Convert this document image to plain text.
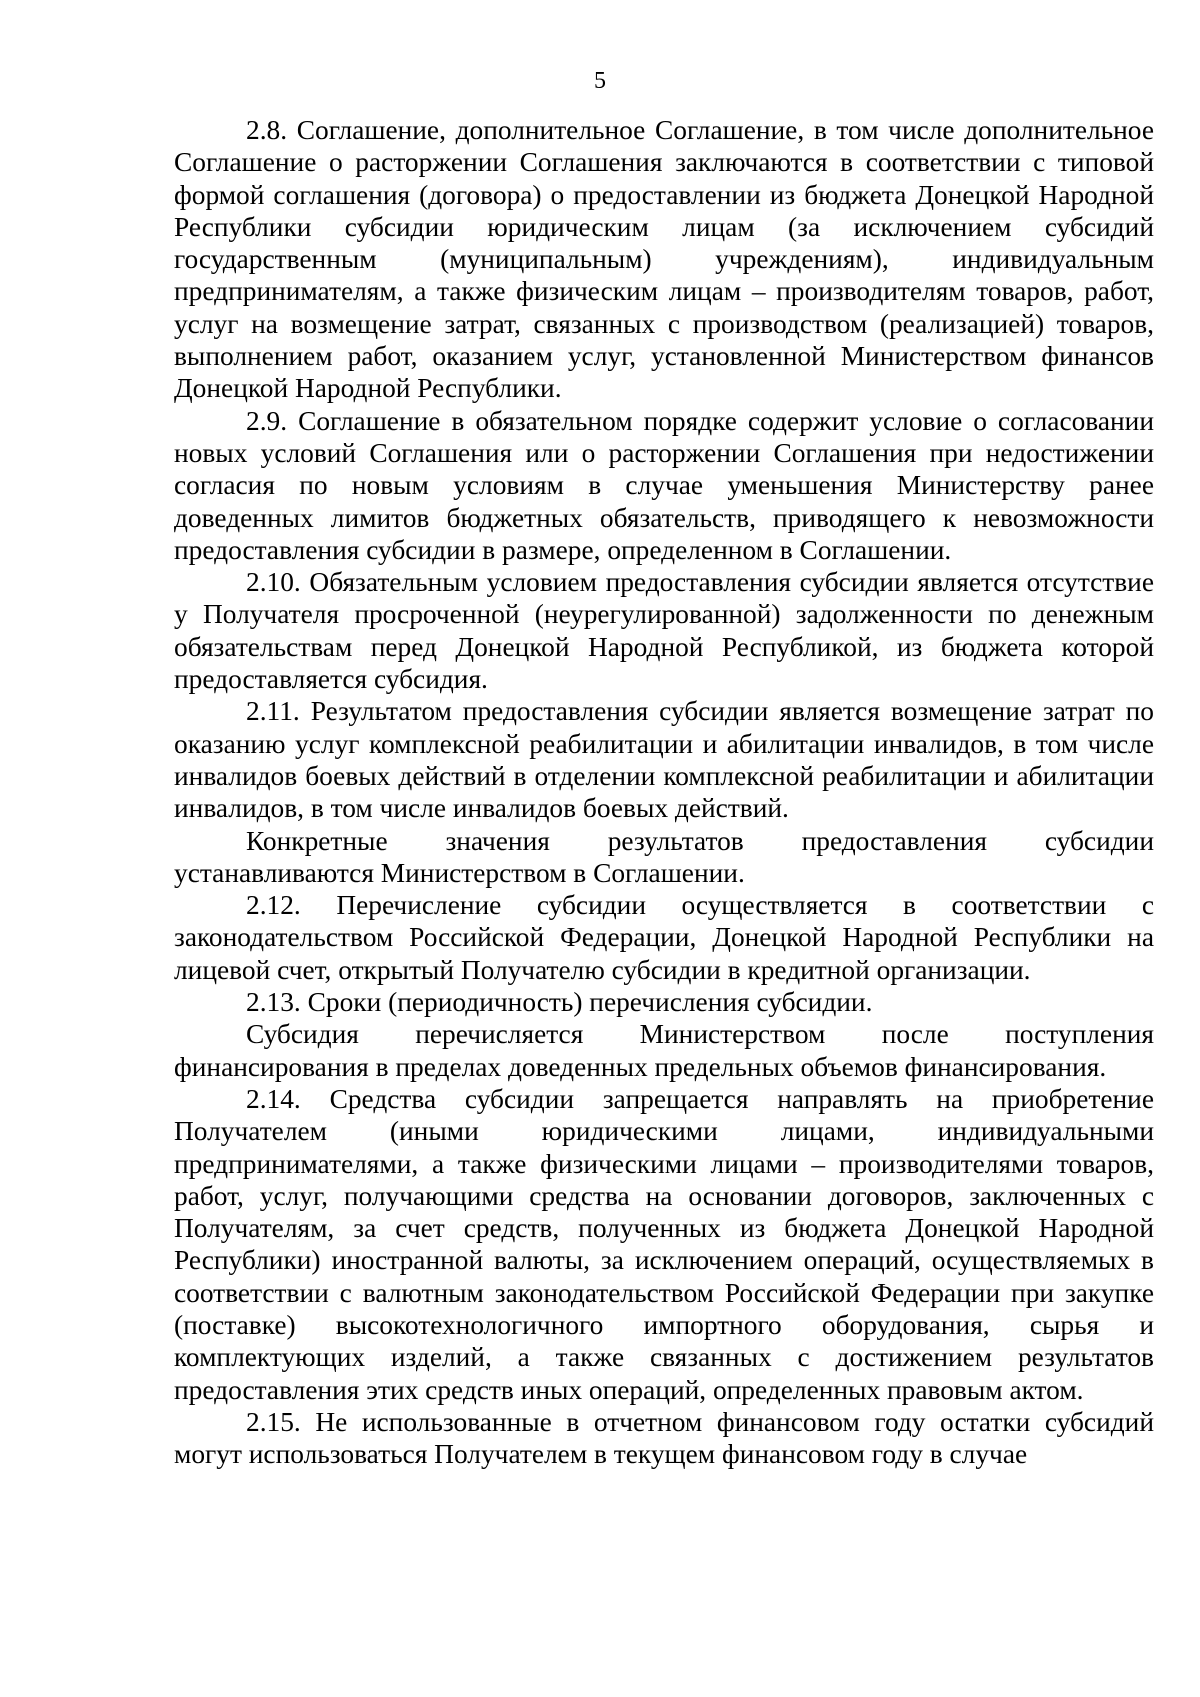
5

2.8. Соглашение, дополнительное Соглашение, в том числе дополнительное Соглашение о расторжении Соглашения заключаются в соответствии с типовой формой соглашения (договора) о предоставлении из бюджета Донецкой Народной Республики субсидии юридическим лицам (за исключением субсидий государственным (муниципальным) учреждениям), индивидуальным предпринимателям, а также физическим лицам – производителям товаров, работ, услуг на возмещение затрат, связанных с производством (реализацией) товаров, выполнением работ, оказанием услуг, установленной Министерством финансов Донецкой Народной Республики.

2.9. Соглашение в обязательном порядке содержит условие о согласовании новых условий Соглашения или о расторжении Соглашения при недостижении согласия по новым условиям в случае уменьшения Министерству ранее доведенных лимитов бюджетных обязательств, приводящего к невозможности предоставления субсидии в размере, определенном в Соглашении.

2.10. Обязательным условием предоставления субсидии является отсутствие у Получателя просроченной (неурегулированной) задолженности по денежным обязательствам перед Донецкой Народной Республикой, из бюджета которой предоставляется субсидия.

2.11. Результатом предоставления субсидии является возмещение затрат по оказанию услуг комплексной реабилитации и абилитации инвалидов, в том числе инвалидов боевых действий в отделении комплексной реабилитации и абилитации инвалидов, в том числе инвалидов боевых действий.

Конкретные значения результатов предоставления субсидии устанавливаются Министерством в Соглашении.

2.12. Перечисление субсидии осуществляется в соответствии с законодательством Российской Федерации, Донецкой Народной Республики на лицевой счет, открытый Получателю субсидии в кредитной организации.

2.13. Сроки (периодичность) перечисления субсидии.

Субсидия перечисляется Министерством после поступления финансирования в пределах доведенных предельных объемов финансирования.

2.14. Средства субсидии запрещается направлять на приобретение Получателем (иными юридическими лицами, индивидуальными предпринимателями, а также физическими лицами – производителями товаров, работ, услуг, получающими средства на основании договоров, заключенных с Получателям, за счет средств, полученных из бюджета Донецкой Народной Республики) иностранной валюты, за исключением операций, осуществляемых в соответствии с валютным законодательством Российской Федерации при закупке (поставке) высокотехнологичного импортного оборудования, сырья и комплектующих изделий, а также связанных с достижением результатов предоставления этих средств иных операций, определенных правовым актом.

2.15. Не использованные в отчетном финансовом году остатки субсидий могут использоваться Получателем в текущем финансовом году в случае
